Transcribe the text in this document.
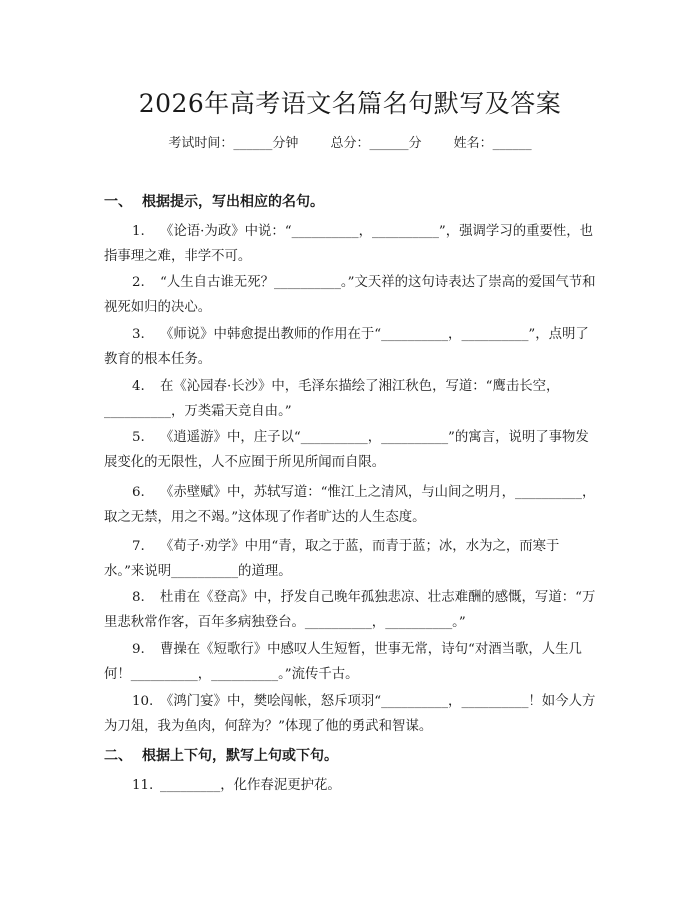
2026年高考语文名篇名句默写及答案
考试时间：______分钟 总分：______分 姓名：______
一、 根据提示，写出相应的名句。
1. 《论语·为政》中说：“__________，__________”，强调学习的重要性，也指事理之难，非学不可。
2. “人生自古谁无死？__________。”文天祥的这句诗表达了崇高的爱国气节和视死如归的决心。
3. 《师说》中韩愈提出教师的作用在于“__________，__________”，点明了教育的根本任务。
4. 在《沁园春·长沙》中，毛泽东描绘了湘江秋色，写道：“鹰击长空，__________，万类霜天竞自由。”
5. 《逍遥游》中，庄子以“__________，__________”的寓言，说明了事物发展变化的无限性，人不应囿于所见所闻而自限。
6. 《赤壁赋》中，苏轼写道：“惟江上之清风，与山间之明月，__________，取之无禁，用之不竭。”这体现了作者旷达的人生态度。
7. 《荀子·劝学》中用“青，取之于蓝，而青于蓝；冰，水为之，而寒于水。”来说明__________的道理。
8. 杜甫在《登高》中，抒发自己晚年孤独悲凉、壮志难酬的感慨，写道：“万里悲秋常作客，百年多病独登台。__________，__________。”
9. 曹操在《短歌行》中感叹人生短暂，世事无常，诗句“对酒当歌，人生几何！__________，__________。”流传千古。
10. 《鸿门宴》中，樊哙闯帐，怒斥项羽“__________，__________！如今人方为刀俎，我为鱼肉，何辞为？”体现了他的勇武和智谋。
二、 根据上下句，默写上句或下句。
11. _________，化作春泥更护花。
